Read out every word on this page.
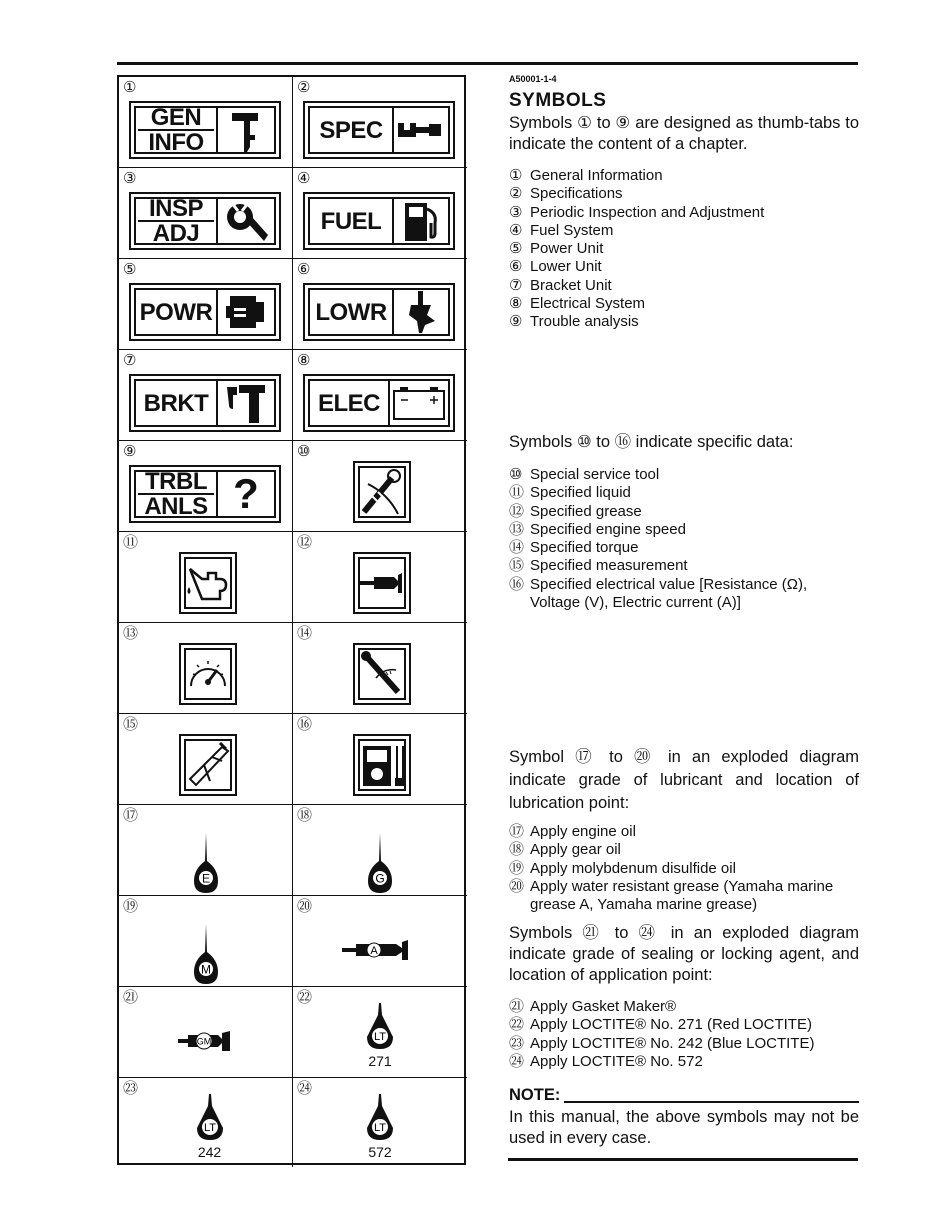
①
GEN
INFO
②
SPEC
③
INSP
ADJ
④
FUEL
⑤
POWR
⑥
LOWR
⑦
BRKT
⑧
ELEC
⑨
TRBL
ANLS ?
⑩
⑪	⑫
⑬	⑭
⑮	⑯
⑰
E
⑱
G
⑲
M
⑳
A
㉑
GM
㉒
LT
271
㉓
LT
242
㉔
LT
572
A50001-1-4
SYMBOLS
Symbols ① to ⑨ are designed as thumb-tabs to indicate the content of a chapter.
① General Information
② Specifications
③ Periodic Inspection and Adjustment
④ Fuel System
⑤ Power Unit
⑥ Lower Unit
⑦ Bracket Unit
⑧ Electrical System
⑨ Trouble analysis
Symbols ⑩ to ⑯ indicate specific data:
⑩ Special service tool
⑪ Specified liquid
⑫ Specified grease
⑬ Specified engine speed
⑭ Specified torque
⑮ Specified measurement
⑯ Specified electrical value [Resistance (Ω), Voltage (V), Electric current (A)]
Symbol ⑰ to ⑳ in an exploded diagram indicate grade of lubricant and location of lubrication point:
⑰ Apply engine oil
⑱ Apply gear oil
⑲ Apply molybdenum disulfide oil
⑳ Apply water resistant grease (Yamaha marine grease A, Yamaha marine grease)
Symbols ㉑ to ㉔ in an exploded diagram indicate grade of sealing or locking agent, and location of application point:
㉑ Apply Gasket Maker®
㉒ Apply LOCTITE® No. 271 (Red LOCTITE)
㉓ Apply LOCTITE® No. 242 (Blue LOCTITE)
㉔ Apply LOCTITE® No. 572
NOTE:
In this manual, the above symbols may not be used in every case.
